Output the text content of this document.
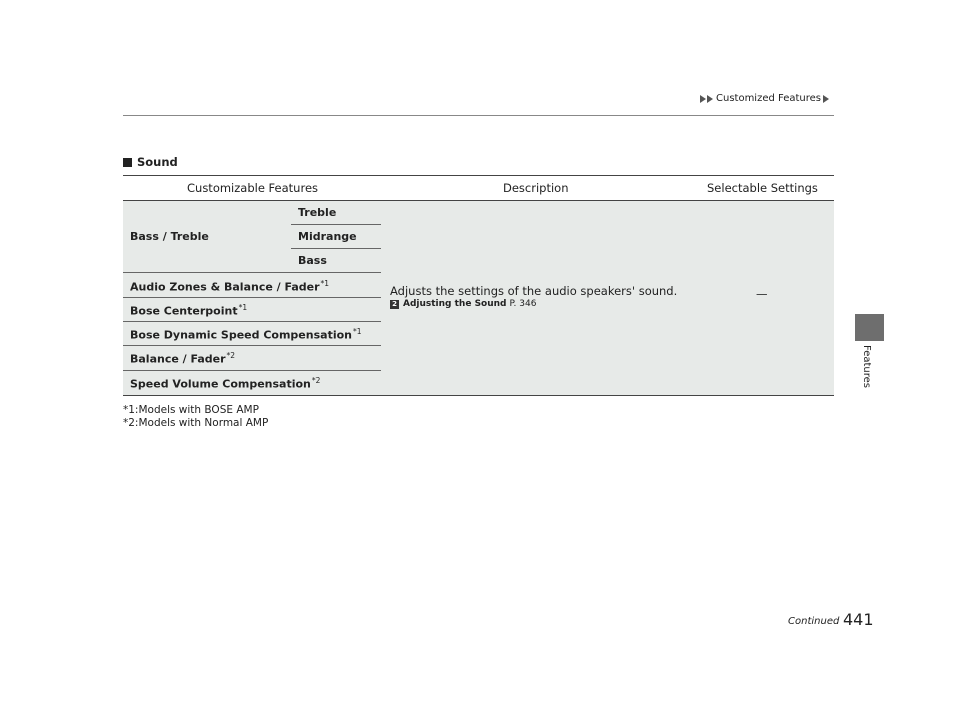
Customized Features
Features
Sound
Customizable Features	Description	Selectable Settings
Bass / Treble
Treble
Midrange
Bass
Audio Zones & Balance / Fader$^{*1}$
Bose Centerpoint$^{*1}$
Bose Dynamic Speed Compensation$^{*1}$
Balance / Fader$^{*2}$
Speed Volume Compensation$^{*2}$
Adjusts the settings of the audio speakers' sound.
2 Adjusting the Sound P. 346
—
*1:Models with BOSE AMP
*2:Models with Normal AMP
Continued 441
